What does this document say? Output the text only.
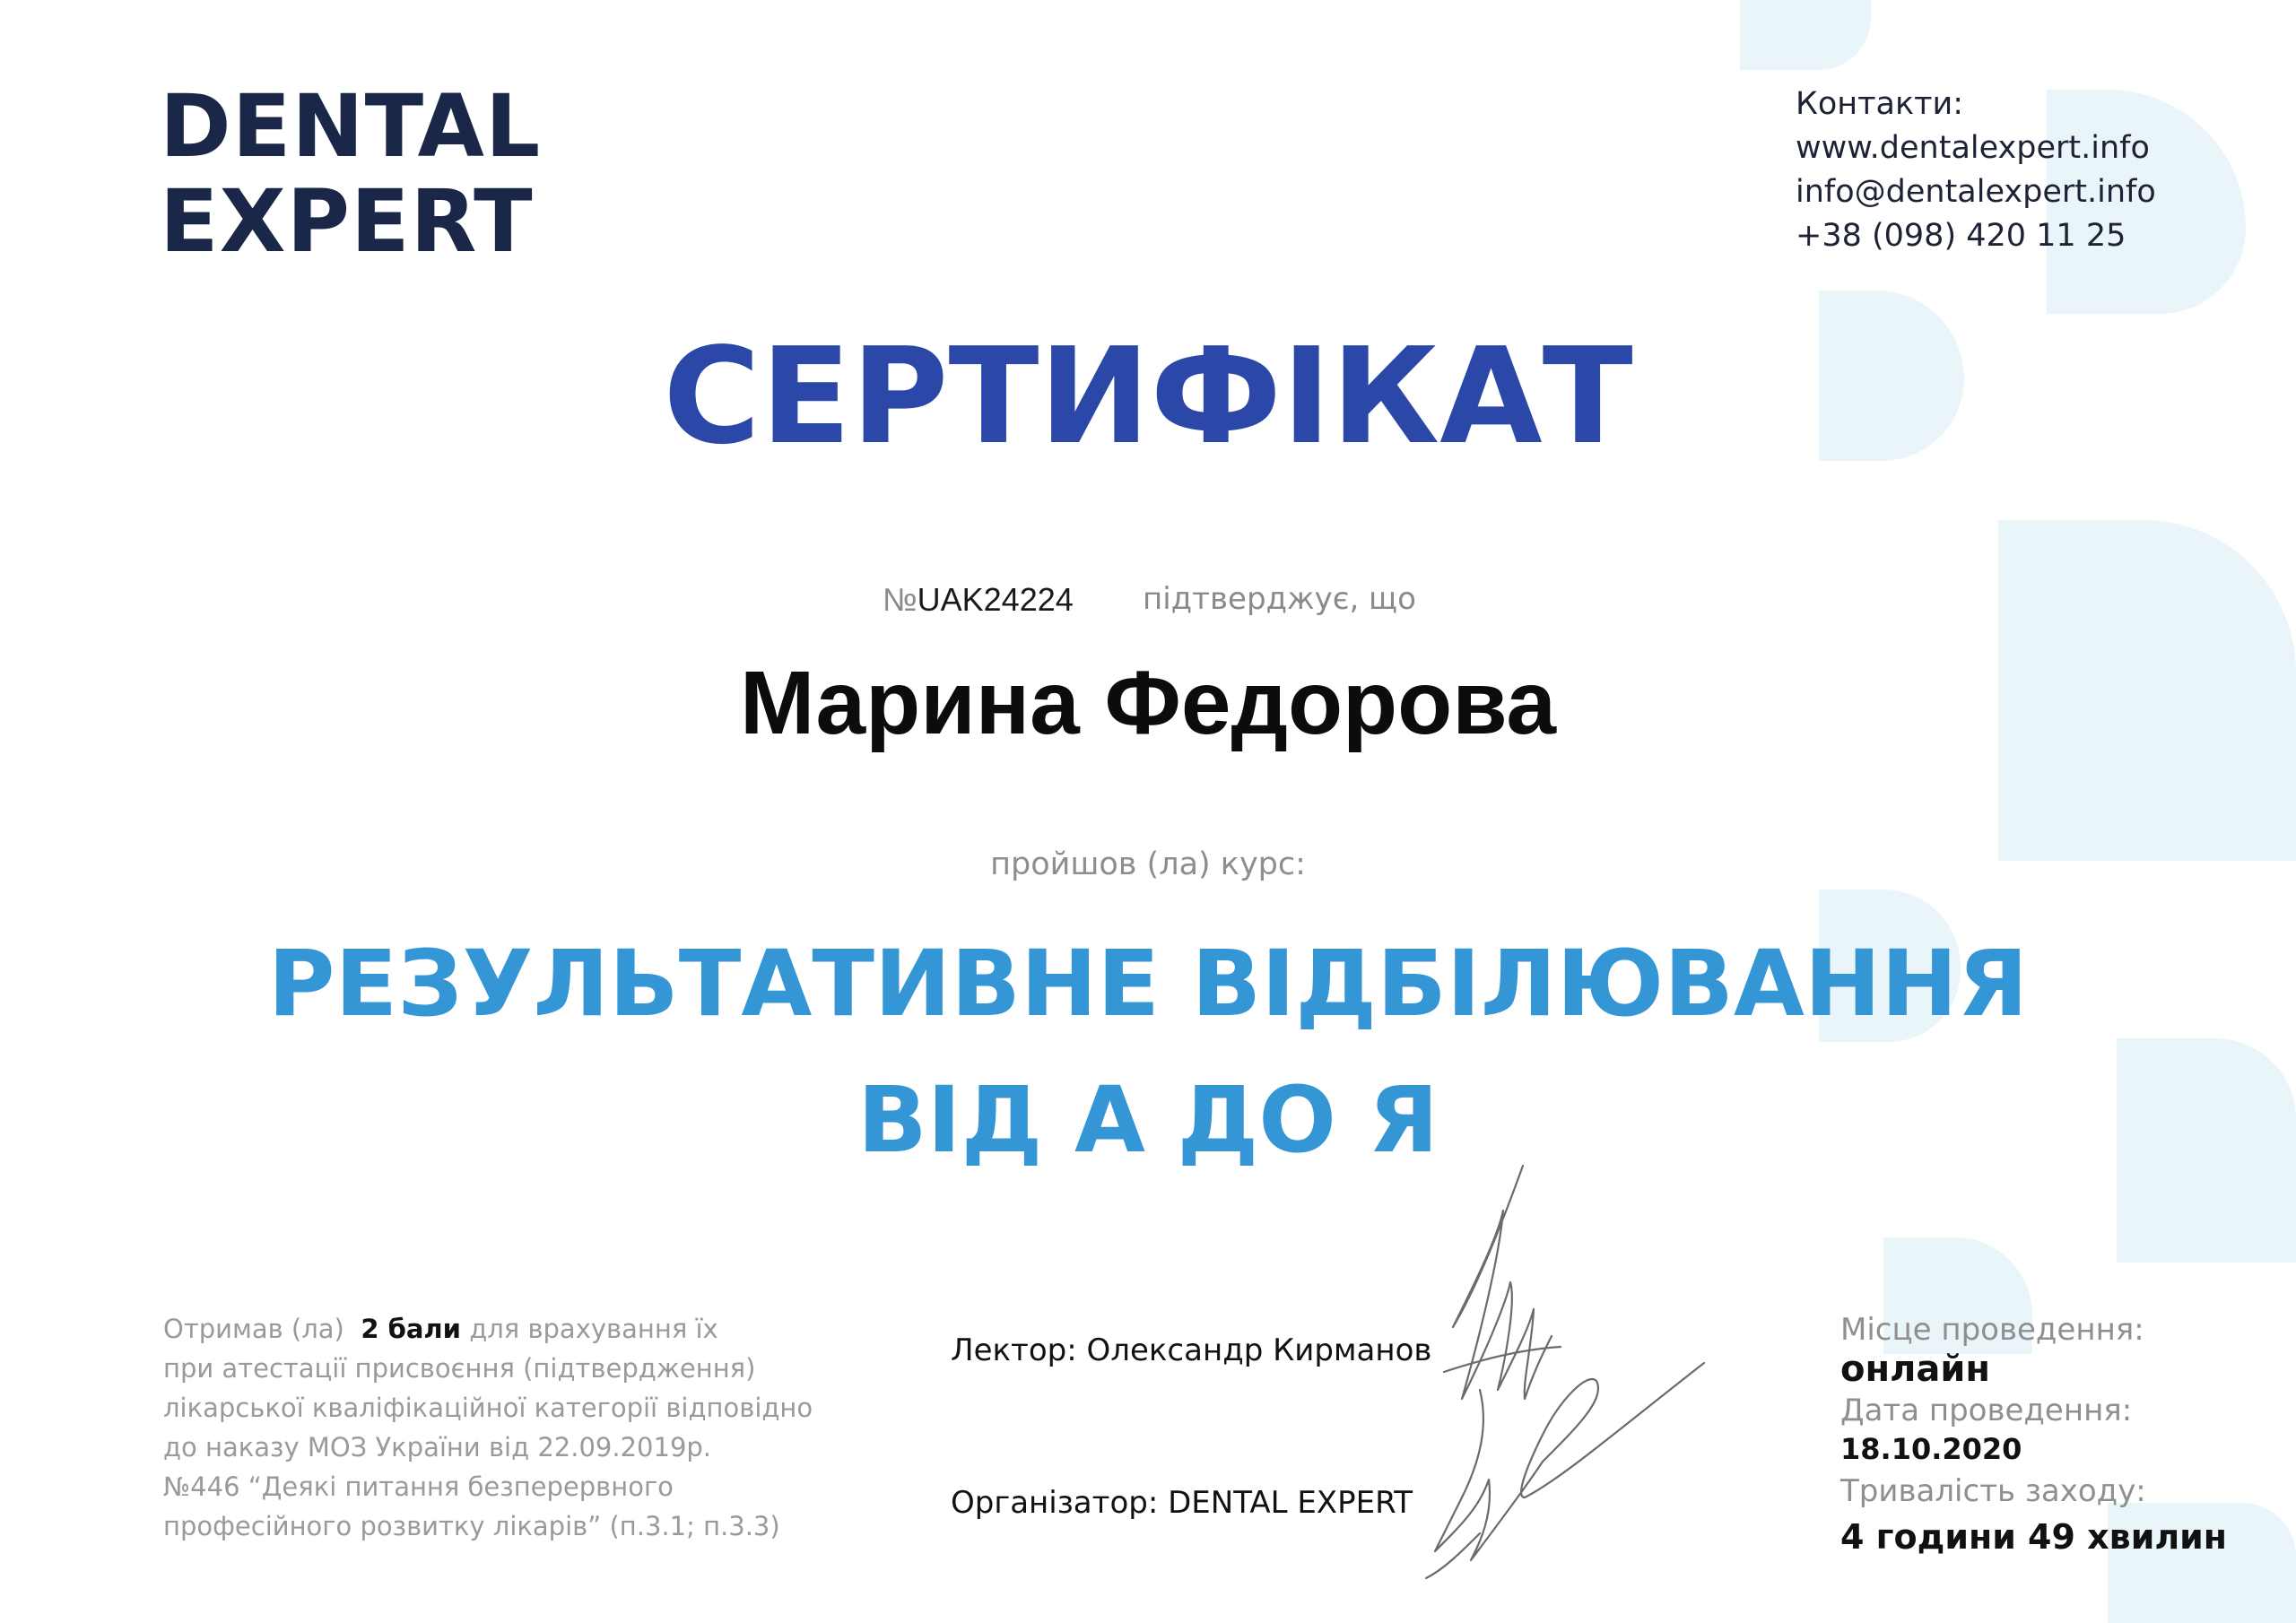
DENTAL
EXPERT
Контакти:
www.dentalexpert.info
info@dentalexpert.info
+38 (098) 420 11 25
СЕРТИФІКАТ
№UAK24224 підтверджує, що
Марина Федорова
пройшов (ла) курс:
РЕЗУЛЬТАТИВНЕ ВІДБІЛЮВАННЯ
ВІД А ДО Я
Отримав (ла) 2 бали для врахування їх
при атестації присвоєння (підтвердження)
лікарської кваліфікаційної категорії відповідно
до наказу МОЗ України від 22.09.2019р.
№446 “Деякі питання безперервного
професійного розвитку лікарів” (п.3.1; п.3.3)
Лектор: Олександр Кирманов
Організатор: DENTAL EXPERT
Місце проведення:
онлайн
Дата проведення:
18.10.2020
Тривалість заходу:
4 години 49 хвилин
